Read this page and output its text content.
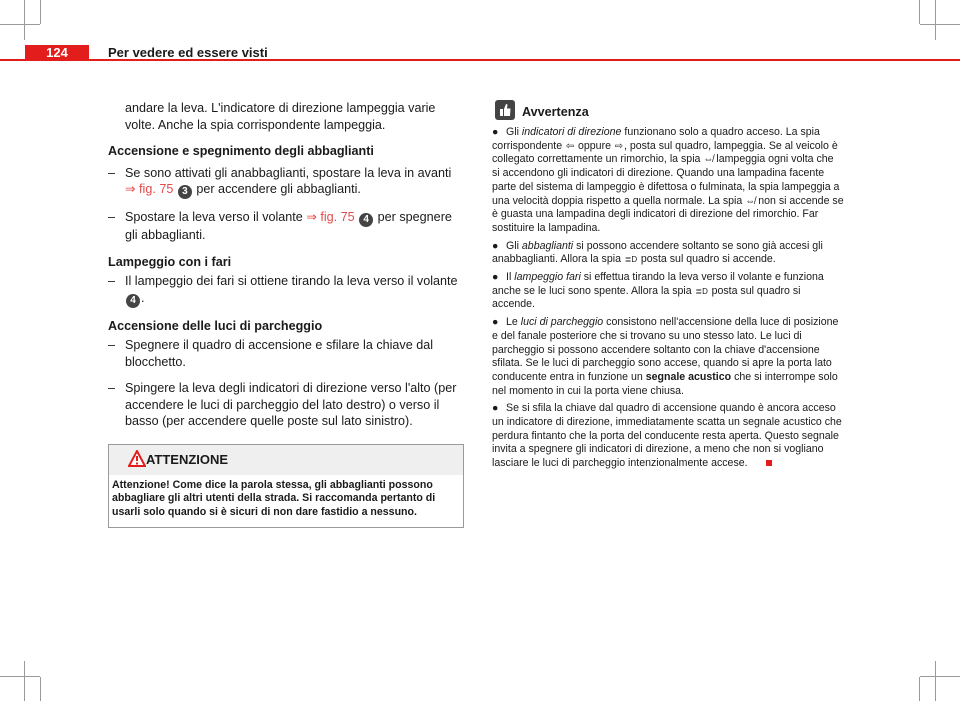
124	Per vedere ed essere visti

andare la leva. L'indicatore di direzione lampeggia varie volte. Anche la spia corrispondente lampeggia.

Accensione e spegnimento degli abbaglianti

– Se sono attivati gli anabbaglianti, spostare la leva in avanti
⇒ fig. 75 3 per accendere gli abbaglianti.
– Spostare la leva verso il volante ⇒ fig. 75 4 per spegnere gli abbaglianti.

Lampeggio con i fari

– Il lampeggio dei fari si ottiene tirando la leva verso il volante
4 .

Accensione delle luci di parcheggio

– Spegnere il quadro di accensione e sfilare la chiave dal blocchetto.
– Spingere la leva degli indicatori di direzione verso l'alto (per accendere le luci di parcheggio del lato destro) o verso il basso (per accendere quelle poste sul lato sinistro).
ATTENZIONE
Attenzione! Come dice la parola stessa, gli abbaglianti possono abbagliare gli altri utenti della strada. Si raccomanda pertanto di usarli solo quando si è sicuri di non dare fastidio a nessuno.
Avvertenza
● Gli indicatori di direzione funzionano solo a quadro acceso. La spia corrispondente ⇦ oppure ⇨, posta sul quadro, lampeggia. Se al veicolo è collegato correttamente un rimorchio, la spia ⇎ lampeggia ogni volta che si accendono gli indicatori di direzione. Quando una lampadina facente parte del sistema di lampeggio è difettosa o fulminata, la spia lampeggia a una velocità doppia rispetto a quella normale. La spia ⇎ non si accende se è guasta una lampadina degli indicatori di direzione del rimorchio. Far sostituire la lampadina.
● Gli abbaglianti si possono accendere soltanto se sono già accesi gli anabbaglianti. Allora la spia ≣D posta sul quadro si accende.
● Il lampeggio fari si effettua tirando la leva verso il volante e funziona anche se le luci sono spente. Allora la spia ≣D posta sul quadro si accende.
● Le luci di parcheggio consistono nell'accensione della luce di posizione e del fanale posteriore che si trovano su uno stesso lato. Le luci di parcheggio si possono accendere soltanto con la chiave d'accensione sfilata. Se le luci di parcheggio sono accese, quando si apre la porta lato conducente entra in funzione un segnale acustico che si interrompe solo nel momento in cui la porta viene chiusa.
● Se si sfila la chiave dal quadro di accensione quando è ancora acceso un indicatore di direzione, immediatamente scatta un segnale acustico che perdura fintanto che la porta del conducente resta aperta. Questo segnale invita a spegnere gli indicatori di direzione, a meno che non si vogliano lasciare le luci di parcheggio intenzionalmente accese.
